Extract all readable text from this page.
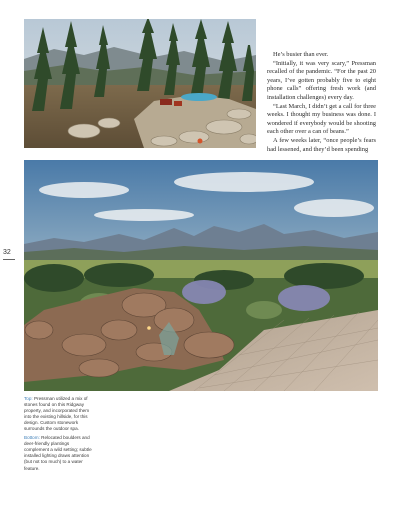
He’s busier than ever.

“Initially, it was very scary,” Pressman recalled of the pandemic. “For the past 20 years, I’ve gotten probably five to eight phone calls” offering fresh work (and installation challenges) every day.

“Last March, I didn’t get a call for three weeks. I thought my business was done. I wondered if everybody would be shooting each other over a can of beans.”

A few weeks later, “once people’s fears had lessened, and they’d been spending

32

Top: Pressman utilized a mix of stones found on this Ridgway property, and incorporated them into the existing hillside, for this design. Custom stonework surrounds the outdoor spa.

Bottom: Relocated boulders and deer-friendly plantings complement a wild setting; subtle installed lighting draws attention (but not too much) to a water feature.
